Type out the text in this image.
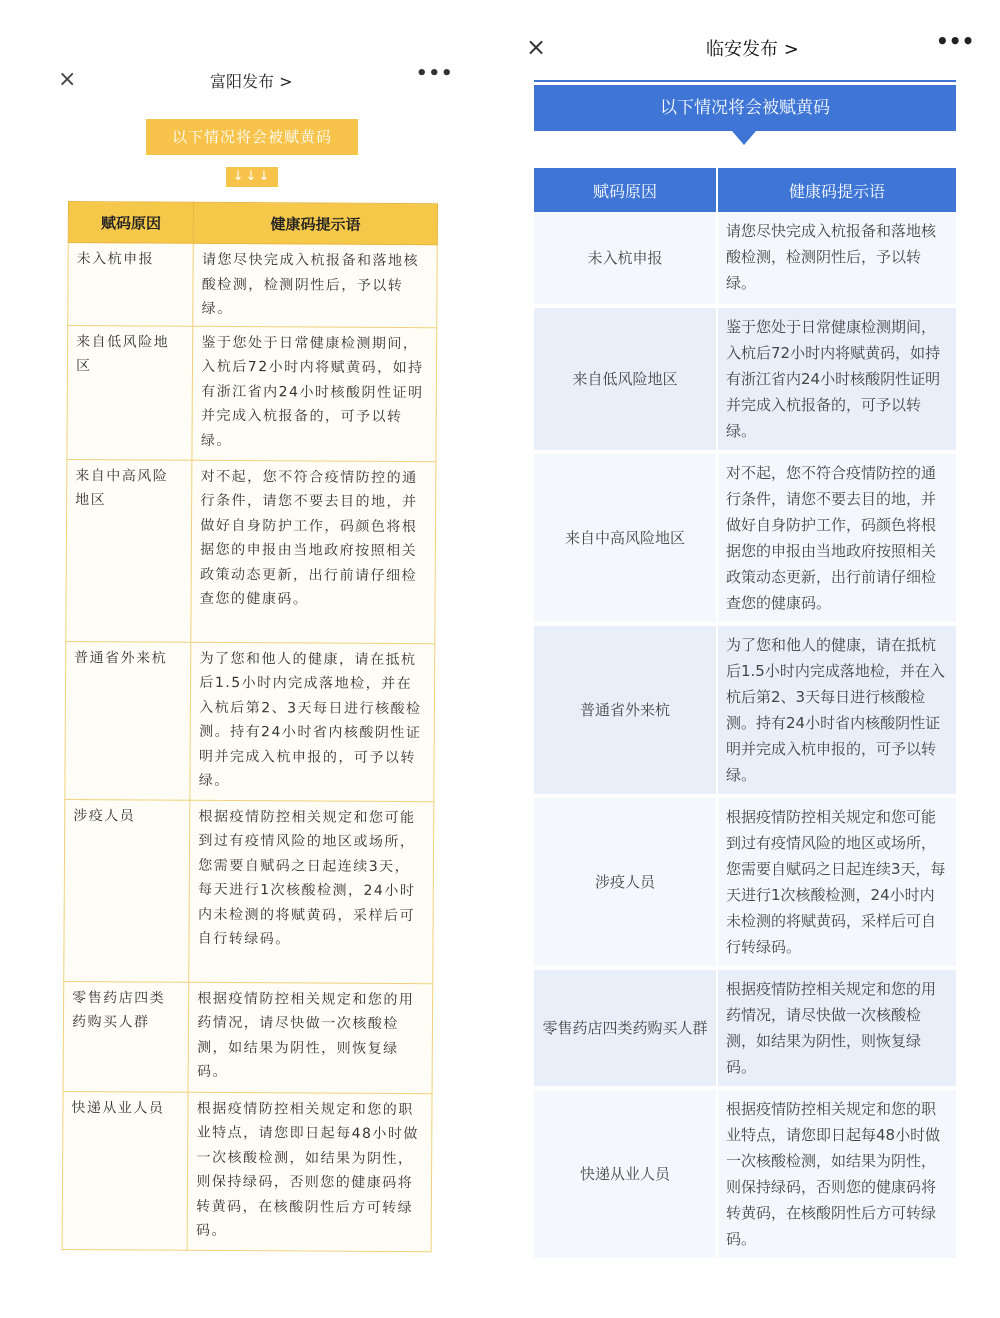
×	富阳发布 >	•••
以下情况将会被赋黄码
↓↓↓
赋码原因	健康码提示语
未入杭申报	请您尽快完成入杭报备和落地核酸检测，检测阴性后，予以转绿。
来自低风险地区	鉴于您处于日常健康检测期间，入杭后72小时内将赋黄码，如持有浙江省内24小时核酸阴性证明并完成入杭报备的，可予以转绿。
来自中高风险地区	对不起，您不符合疫情防控的通行条件，请您不要去目的地，并做好自身防护工作，码颜色将根据您的申报由当地政府按照相关政策动态更新，出行前请仔细检查您的健康码。
普通省外来杭	为了您和他人的健康，请在抵杭后1.5小时内完成落地检，并在入杭后第2、3天每日进行核酸检测。持有24小时省内核酸阴性证明并完成入杭申报的，可予以转绿。
涉疫人员	根据疫情防控相关规定和您可能到过有疫情风险的地区或场所，您需要自赋码之日起连续3天，每天进行1次核酸检测，24小时内未检测的将赋黄码，采样后可自行转绿码。
零售药店四类药购买人群	根据疫情防控相关规定和您的用药情况，请尽快做一次核酸检测，如结果为阴性，则恢复绿码。
快递从业人员	根据疫情防控相关规定和您的职业特点，请您即日起每48小时做一次核酸检测，如结果为阴性，则保持绿码，否则您的健康码将转黄码，在核酸阴性后方可转绿码。
×	临安发布 >	•••
以下情况将会被赋黄码
赋码原因	健康码提示语
未入杭申报	请您尽快完成入杭报备和落地核酸检测，检测阴性后，予以转绿。
来自低风险地区	鉴于您处于日常健康检测期间，入杭后72小时内将赋黄码，如持有浙江省内24小时核酸阴性证明并完成入杭报备的，可予以转绿。
来自中高风险地区	对不起，您不符合疫情防控的通行条件，请您不要去目的地，并做好自身防护工作，码颜色将根据您的申报由当地政府按照相关政策动态更新，出行前请仔细检查您的健康码。
普通省外来杭	为了您和他人的健康，请在抵杭后1.5小时内完成落地检，并在入杭后第2、3天每日进行核酸检测。持有24小时省内核酸阴性证明并完成入杭申报的，可予以转绿。
涉疫人员	根据疫情防控相关规定和您可能到过有疫情风险的地区或场所，您需要自赋码之日起连续3天，每天进行1次核酸检测，24小时内未检测的将赋黄码，采样后可自行转绿码。
零售药店四类药购买人群	根据疫情防控相关规定和您的用药情况，请尽快做一次核酸检测，如结果为阴性，则恢复绿码。
快递从业人员	根据疫情防控相关规定和您的职业特点，请您即日起每48小时做一次核酸检测，如结果为阴性，则保持绿码，否则您的健康码将转黄码，在核酸阴性后方可转绿码。
